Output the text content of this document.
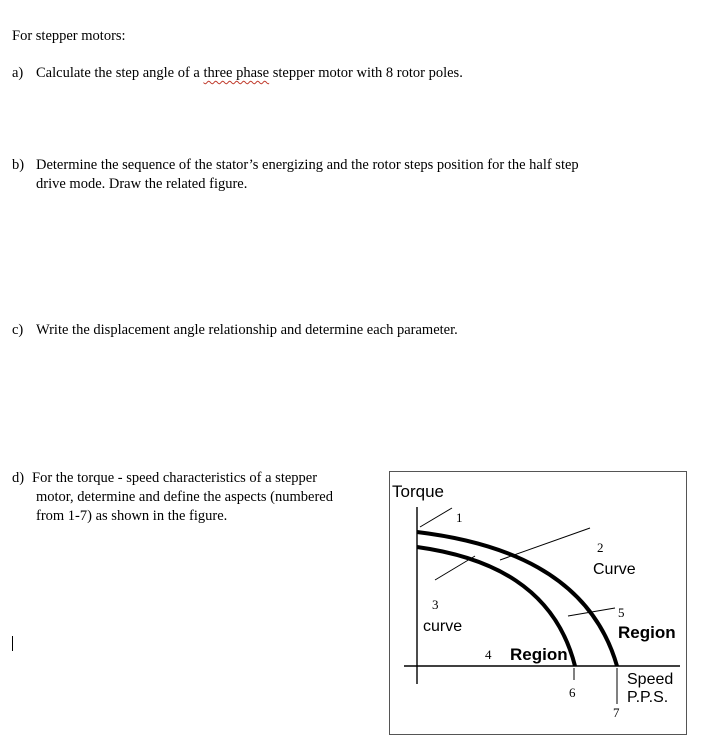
For stepper motors:
a) Calculate the step angle of a three phase stepper motor with 8 rotor poles.
b) Determine the sequence of the stator’s energizing and the rotor steps position for the half step
drive mode. Draw the related figure.
c) Write the displacement angle relationship and determine each parameter.
d) For the torque - speed characteristics of a stepper
motor, determine and define the aspects (numbered
from 1-7) as shown in the figure.
Torque
1
2
Curve
3
curve
5
Region
4 Region
6
7
Speed
P.P.S.
